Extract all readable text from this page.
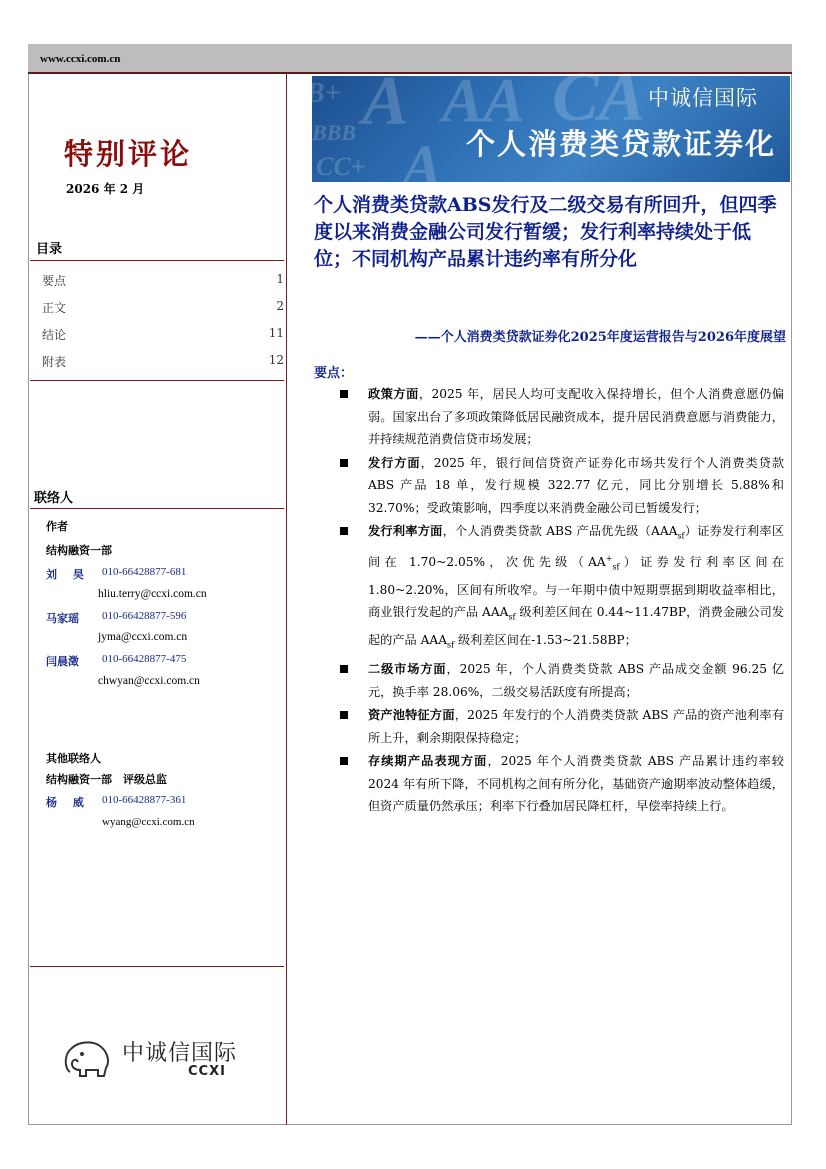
www.ccxi.com.cn
特别评论
2026 年 2 月
目录
要点	1
正文	2
结论	11
附表	12
联络人
作者
结构融资一部
刘 昊 010-66428877-681
hliu.terry@ccxi.com.cn
马家瑶 010-66428877-596
jyma@ccxi.com.cn
闫晨澂 010-66428877-475
chwyan@ccxi.com.cn
其他联络人
结构融资一部　评级总监
杨 威 010-66428877-361
wyang@ccxi.com.cn
中诚信国际
CCXI
B+ A AA CA
BBB
CC+ A
中诚信国际
个人消费类贷款证券化
个人消费类贷款ABS发行及二级交易有所回升，但四季度以来消费金融公司发行暂缓；发行利率持续处于低位；不同机构产品累计违约率有所分化
——个人消费类贷款证券化2025年度运营报告与2026年度展望
要点：
政策方面，2025 年，居民人均可支配收入保持增长，但个人消费意愿仍偏弱。国家出台了多项政策降低居民融资成本，提升居民消费意愿与消费能力，并持续规范消费信贷市场发展；
发行方面，2025 年，银行间信贷资产证券化市场共发行个人消费类贷款 ABS 产品 18 单，发行规模 322.77 亿元，同比分别增长 5.88%和 32.70%；受政策影响，四季度以来消费金融公司已暂缓发行；
发行利率方面，个人消费类贷款 ABS 产品优先级$(AAA_{sf})$证券发行利率区间在 1.70~2.05%，次优先级$(AA^+_{sf})$证券发行利率区间在 1.80~2.20%，区间有所收窄。与一年期中债中短期票据到期收益率相比，商业银行发起的产品 $AAA_{sf}$ 级利差区间在 0.44~11.47BP，消费金融公司发起的产品 $AAA_{sf}$ 级利差区间在-1.53~21.58BP；
二级市场方面，2025 年，个人消费类贷款 ABS 产品成交金额 96.25 亿元，换手率 28.06%，二级交易活跃度有所提高；
资产池特征方面，2025 年发行的个人消费类贷款 ABS 产品的资产池利率有所上升，剩余期限保持稳定；
存续期产品表现方面，2025 年个人消费类贷款 ABS 产品累计违约率较 2024 年有所下降，不同机构之间有所分化，基础资产逾期率波动整体趋缓，但资产质量仍然承压；利率下行叠加居民降杠杆，早偿率持续上行。
